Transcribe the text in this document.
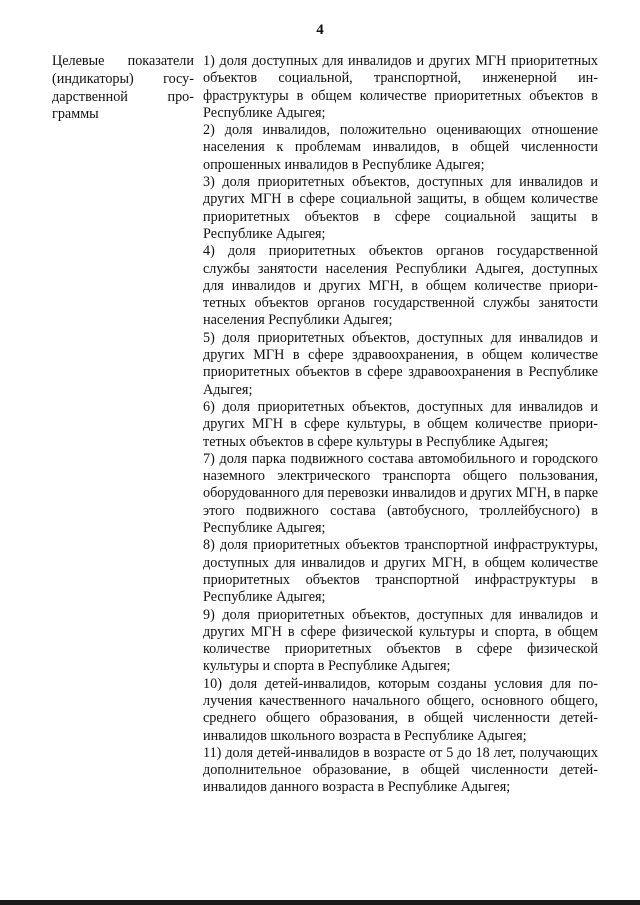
4
Целевые показатели (индикаторы) государственной программы
1) доля доступных для инвалидов и других МГН приоритетных объектов социальной, транспортной, инженерной инфраструктуры в общем количестве приоритетных объектов в Республике Адыгея;
2) доля инвалидов, положительно оценивающих отношение населения к проблемам инвалидов, в общей численности опрошенных инвалидов в Республике Адыгея;
3) доля приоритетных объектов, доступных для инвалидов и других МГН в сфере социальной защиты, в общем количестве приоритетных объектов в сфере социальной защиты в Республике Адыгея;
4) доля приоритетных объектов органов государственной службы занятости населения Республики Адыгея, доступных для инвалидов и других МГН, в общем количестве приоритетных объектов органов государственной службы занятости населения Республики Адыгея;
5) доля приоритетных объектов, доступных для инвалидов и других МГН в сфере здравоохранения, в общем количестве приоритетных объектов в сфере здравоохранения в Республике Адыгея;
6) доля приоритетных объектов, доступных для инвалидов и других МГН в сфере культуры, в общем количестве приоритетных объектов в сфере культуры в Республике Адыгея;
7) доля парка подвижного состава автомобильного и городского наземного электрического транспорта общего пользования, оборудованного для перевозки инвалидов и других МГН, в парке этого подвижного состава (автобусного, троллейбусного) в Республике Адыгея;
8) доля приоритетных объектов транспортной инфраструктуры, доступных для инвалидов и других МГН, в общем количестве приоритетных объектов транспортной инфраструктуры в Республике Адыгея;
9) доля приоритетных объектов, доступных для инвалидов и других МГН в сфере физической культуры и спорта, в общем количестве приоритетных объектов в сфере физической культуры и спорта в Республике Адыгея;
10) доля детей-инвалидов, которым созданы условия для получения качественного начального общего, основного общего, среднего общего образования, в общей численности детей-инвалидов школьного возраста в Республике Адыгея;
11) доля детей-инвалидов в возрасте от 5 до 18 лет, получающих дополнительное образование, в общей численности детей-инвалидов данного возраста в Республике Адыгея;
